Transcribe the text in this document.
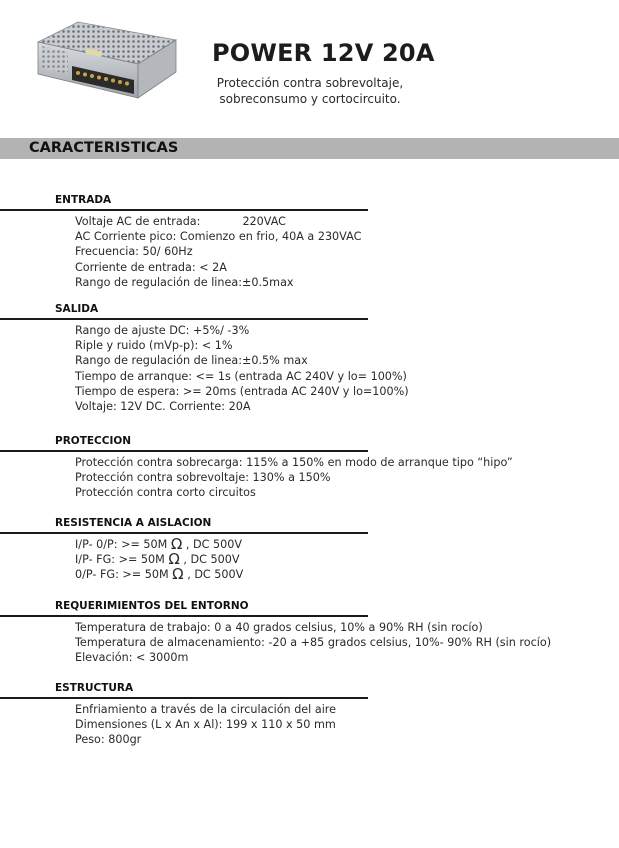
POWER 12V 20A
Protección contra sobrevoltaje,
sobreconsumo y cortocircuito.
CARACTERISTICAS
ENTRADA
Voltaje AC de entrada:	220VAC
AC Corriente pico: Comienzo en frio, 40A a 230VAC
Frecuencia: 50/ 60Hz
Corriente de entrada: < 2A
Rango de regulación de linea:±0.5max
SALIDA
Rango de ajuste DC: +5%/ -3%
Riple y ruido (mVp-p): < 1%
Rango de regulación de linea:±0.5% max
Tiempo de arranque: <= 1s (entrada AC 240V y lo= 100%)
Tiempo de espera: >= 20ms (entrada AC 240V y lo=100%)
Voltaje: 12V DC. Corriente: 20A
PROTECCION
Protección contra sobrecarga: 115% a 150% en modo de arranque tipo “hipo”
Protección contra sobrevoltaje: 130% a 150%
Protección contra corto circuitos
RESISTENCIA A AISLACION
I/P- 0/P: >= 50M Ω , DC 500V
I/P- FG: >= 50M Ω , DC 500V
0/P- FG: >= 50M Ω , DC 500V
REQUERIMIENTOS DEL ENTORNO
Temperatura de trabajo: 0 a 40 grados celsius, 10% a 90% RH (sin rocío)
Temperatura de almacenamiento: -20 a +85 grados celsius, 10%- 90% RH (sin rocío)
Elevación: < 3000m
ESTRUCTURA
Enfriamiento a través de la circulación del aire
Dimensiones (L x An x Al): 199 x 110 x 50 mm
Peso: 800gr
